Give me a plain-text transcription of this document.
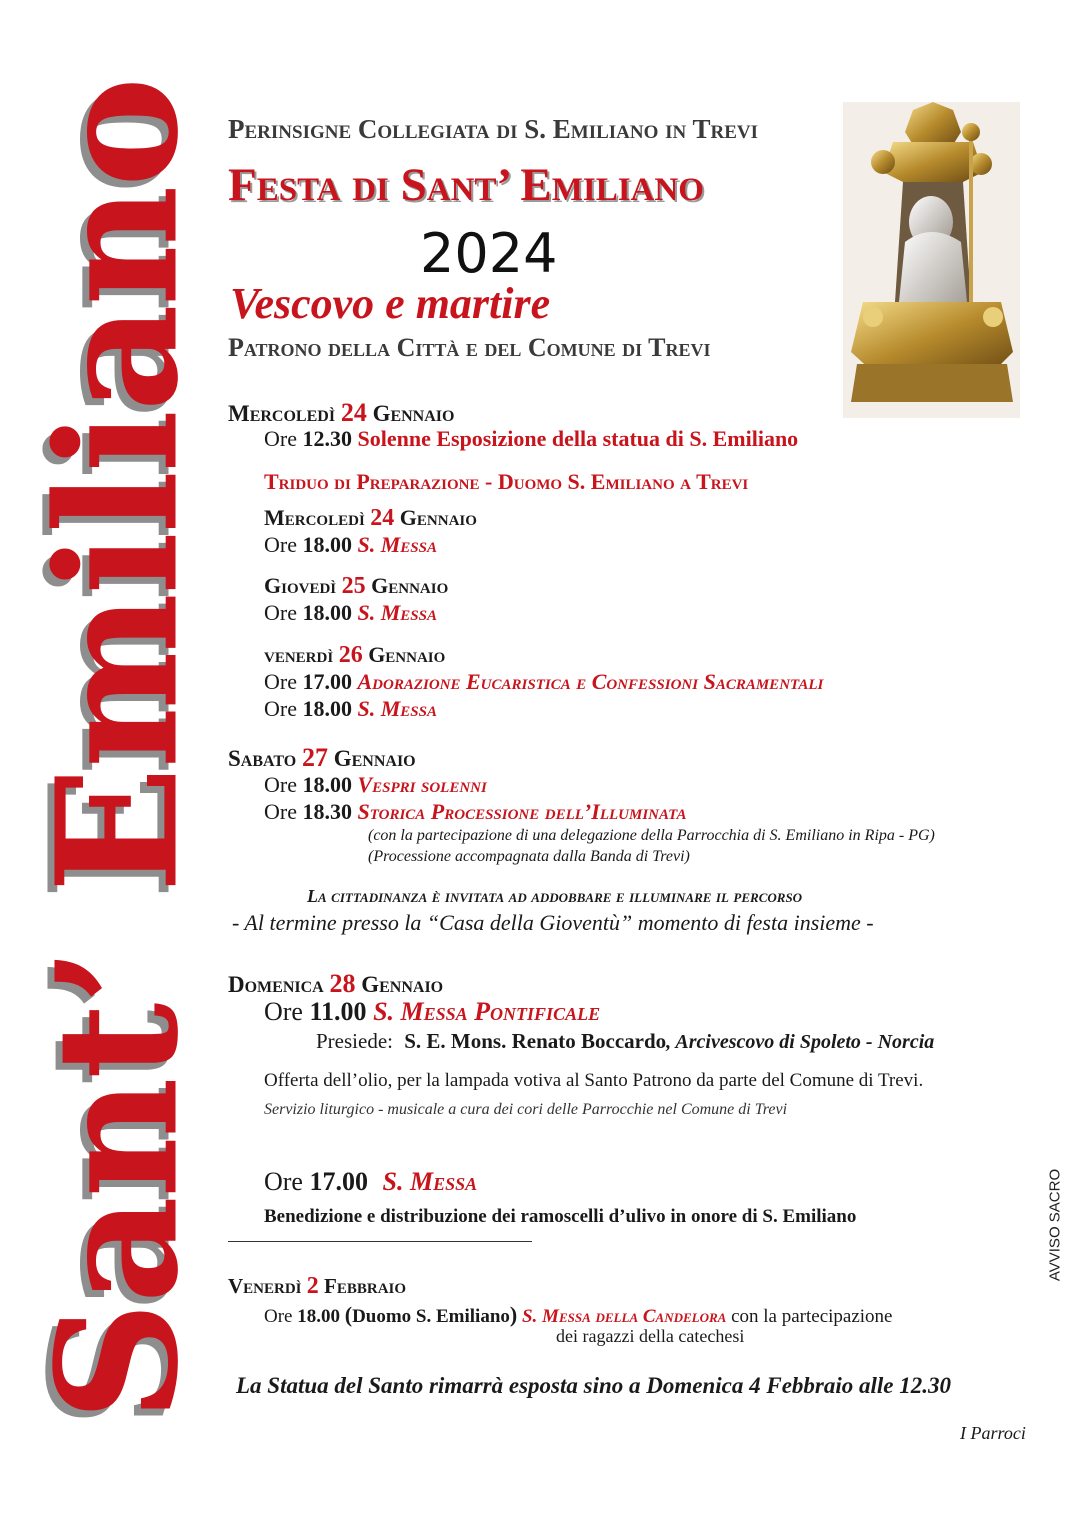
Sant’ Emiliano Perinsigne Collegiata di S. Emiliano in Trevi
Festa di Sant’ Emiliano
2024
Vescovo e martire
Patrono della Città e del Comune di Trevi
Mercoledì 24 Gennaio
Ore 12.30 Solenne Esposizione della statua di S. Emiliano
Triduo di Preparazione - Duomo S. Emiliano a Trevi
Mercoledì 24 Gennaio
Ore 18.00 S. Messa
Giovedì 25 Gennaio
Ore 18.00 S. Messa
venerdì 26 Gennaio
Ore 17.00 Adorazione Eucaristica e Confessioni Sacramentali
Ore 18.00 S. Messa
Sabato 27 Gennaio
Ore 18.00 Vespri solenni
Ore 18.30 Storica Processione dell’Illuminata
(con la partecipazione di una delegazione della Parrocchia di S. Emiliano in Ripa - PG)
(Processione accompagnata dalla Banda di Trevi)
La cittadinanza è invitata ad addobbare e illuminare il percorso
- Al termine presso la “Casa della Gioventù” momento di festa insieme -
Domenica 28 Gennaio
Ore 11.00 S. Messa Pontificale
Presiede: S. E. Mons. Renato Boccardo, Arcivescovo di Spoleto - Norcia
Offerta dell’olio, per la lampada votiva al Santo Patrono da parte del Comune di Trevi.
Servizio liturgico - musicale a cura dei cori delle Parrocchie nel Comune di Trevi
Ore 17.00 S. Messa
Benedizione e distribuzione dei ramoscelli d’ulivo in onore di S. Emiliano
Venerdì 2 Febbraio
Ore 18.00 (Duomo S. Emiliano) S. Messa della Candelora con la partecipazione
dei ragazzi della catechesi
La Statua del Santo rimarrà esposta sino a Domenica 4 Febbraio alle 12.30
I Parroci
AVVISO SACRO
